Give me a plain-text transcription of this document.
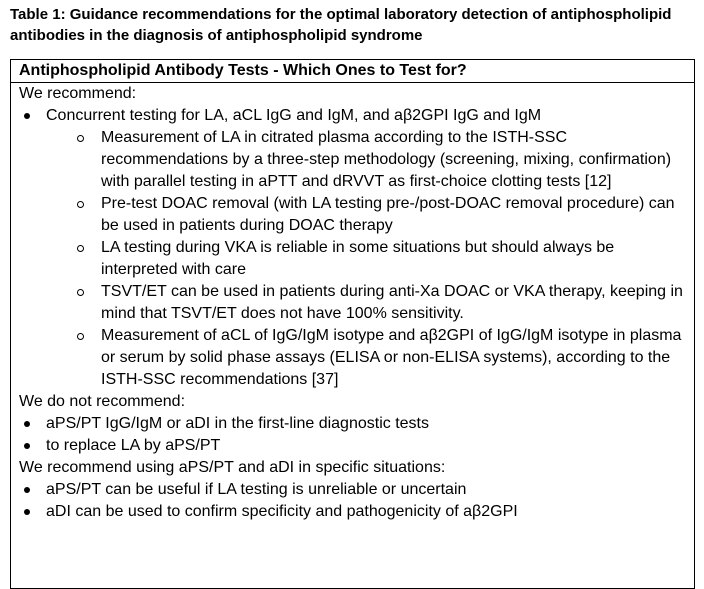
Table 1: Guidance recommendations for the optimal laboratory detection of antiphospholipid antibodies in the diagnosis of antiphospholipid syndrome
Antiphospholipid Antibody Tests - Which Ones to Test for?
We recommend:
Concurrent testing for LA, aCL IgG and IgM, and aβ2GPI IgG and IgM
Measurement of LA in citrated plasma according to the ISTH-SSC recommendations by a three-step methodology (screening, mixing, confirmation) with parallel testing in aPTT and dRVVT as first-choice clotting tests [12]
Pre-test DOAC removal (with LA testing pre-/post-DOAC removal procedure) can be used in patients during DOAC therapy
LA testing during VKA is reliable in some situations but should always be interpreted with care
TSVT/ET can be used in patients during anti-Xa DOAC or VKA therapy, keeping in mind that TSVT/ET does not have 100% sensitivity.
Measurement of aCL of IgG/IgM isotype and aβ2GPI of IgG/IgM isotype in plasma or serum by solid phase assays (ELISA or non-ELISA systems), according to the ISTH-SSC recommendations [37]
We do not recommend:
aPS/PT IgG/IgM or aDI in the first-line diagnostic tests
to replace LA by aPS/PT
We recommend using aPS/PT and aDI in specific situations:
aPS/PT can be useful if LA testing is unreliable or uncertain
aDI can be used to confirm specificity and pathogenicity of aβ2GPI
